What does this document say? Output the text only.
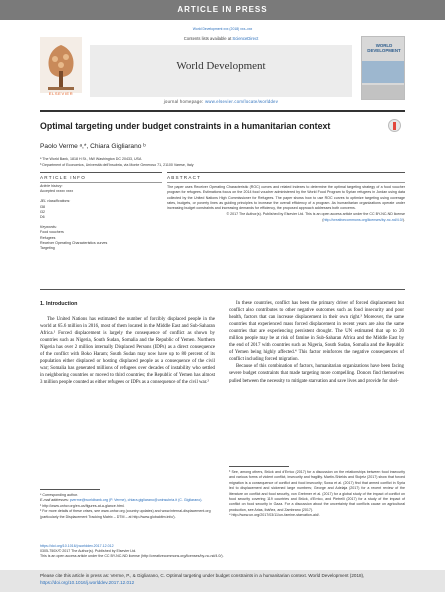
ARTICLE IN PRESS
World Development xxx (2018) xxx–xxx
ELSEVIER
Contents lists available at ScienceDirect
World Development
journal homepage: www.elsevier.com/locate/worlddev
WORLD DEVELOPMENT
Optimal targeting under budget constraints in a humanitarian context
Paolo Verme ᵃ,*, Chiara Gigliarano ᵇ
ᵃ The World Bank, 1818 H St., NW Washington DC 20433, USA
ᵇ Department of Economics, Università dell'Insubria, via Monte Generoso 71, 21100 Varese, Italy
ARTICLE INFO	ABSTRACT
Article history:
Accepted xxxxx xxxx
JEL classifications:
I38
I32
D6
Keywords:
Food vouchers
Refugees
Receiver Operating Characteristics curves
Targeting

The paper uses Receiver Operating Characteristic (ROC) curves and related indexes to determine the optimal targeting strategy of a food voucher program for refugees. Estimations focus on the 2014 food voucher administered by the World Food Program to Syrian refugees in Jordan using data collected by the United Nations High Commissioner for Refugees. The paper shows how to use ROC curves to optimize targeting using coverage rates, budgets, or poverty lines as guiding principles to increase the overall efficiency of a program. As humanitarian organizations operate under increasing budget constraints and increasing demands for efficiency, the proposed approach addresses both concerns.

© 2017 The Author(s). Published by Elsevier Ltd. This is an open access article under the CC BY-NC-ND license (http://creativecommons.org/licenses/by-nc-nd/4.0/).

1. Introduction

The United Nations has estimated the number of forcibly displaced people in the world at 65.6 million in 2016, most of them located in the Middle East and Sub-Saharan Africa.¹ Forced displacement is largely the consequence of conflict as shown by countries such as Nigeria, South Sudan, Somalia and the Republic of Yemen. Northern Nigeria has over 2 million internally Displaced Persons (IDPs) as a direct consequence of the conflict with Boko Haram; South Sudan may now have up to 80 percent of its population either displaced or hosting displaced people as a consequence of the civil war; Somalia has generated millions of refugees over decades of instability who settled in neighboring countries or moved to third countries; the Republic of Yemen has almost 3 million people counted as either refugees or IDPs as a consequence of the civil war.²

In these countries, conflict has been the primary driver of forced displacement but conflict also contributes to other negative outcomes such as food insecurity and poor health, factors that can increase displacement in their own right.³ Moreover, the same countries that experienced mass forced displacement in recent years are also the same countries that are experiencing persistent drought. The UN estimated that up to 20 million people may be at risk of famine in Sub-Saharan Africa and the Middle East by the end of 2017 with countries such as Nigeria, South Sudan, Somalia and the Republic of Yemen being highly affected.⁴ This factor reinforces the negative consequences of conflict including forced migration.

Because of this combination of factors, humanitarian organizations have been facing severe budget constraints that made targeting more compelling. Donors find themselves pulled between the necessity to mitigate starvation and save lives and provide for shel-

* Corresponding author.
E-mail addresses: pverme@worldbank.org (P. Verme), chiara.gigliarano@uninsubria.it (C. Gigliarano).
¹ http://www.unhcr.org/en-us/figures-at-a-glance.html.
² For more details of these crises, see www.unhcr.org (country updates) and www.internal-displacement.org (particularly the Displacement Tracking Matrix – DTM – at http://www.globaldtm.info/).
³ See, among others, Brück and d'Errico (2017) for a discussion on the relationships between food insecurity and various forms of violent conflict, insecurity and fragility. Martin-Shields and Stojetz (2017) show that forced migration is a consequence of conflict and food insecurity; Sowa et al. (2017) find that armed conflict in Syria led to displacement and sickened large numbers; George and Adelaja (2017) for a recent review of the literature on conflict and food security, von Grebmer et al. (2017) for a global study of the impact of conflict on food security covering 119 countries and Brück, d'Errico, and Pietrelli (2017) for a study of the impact of conflict on food security in Gaza. For a discussion about the uncertainty that conflicts cause on agricultural production, see Arias, Ibáñez, and Zambrano (2017).
⁴ http://www.un.org/2017/03/11/un-famine-starvation-aid/.
https://doi.org/10.1016/j.worlddev.2017.12.012
0305-750X/© 2017 The Author(s). Published by Elsevier Ltd.
This is an open access article under the CC BY-NC-ND license (http://creativecommons.org/licenses/by-nc-nd/4.0/).

Please cite this article in press as: Verme, P., & Gigliarano, C. Optimal targeting under budget constraints in a humanitarian context. World Development (2018), https://doi.org/10.1016/j.worlddev.2017.12.012
